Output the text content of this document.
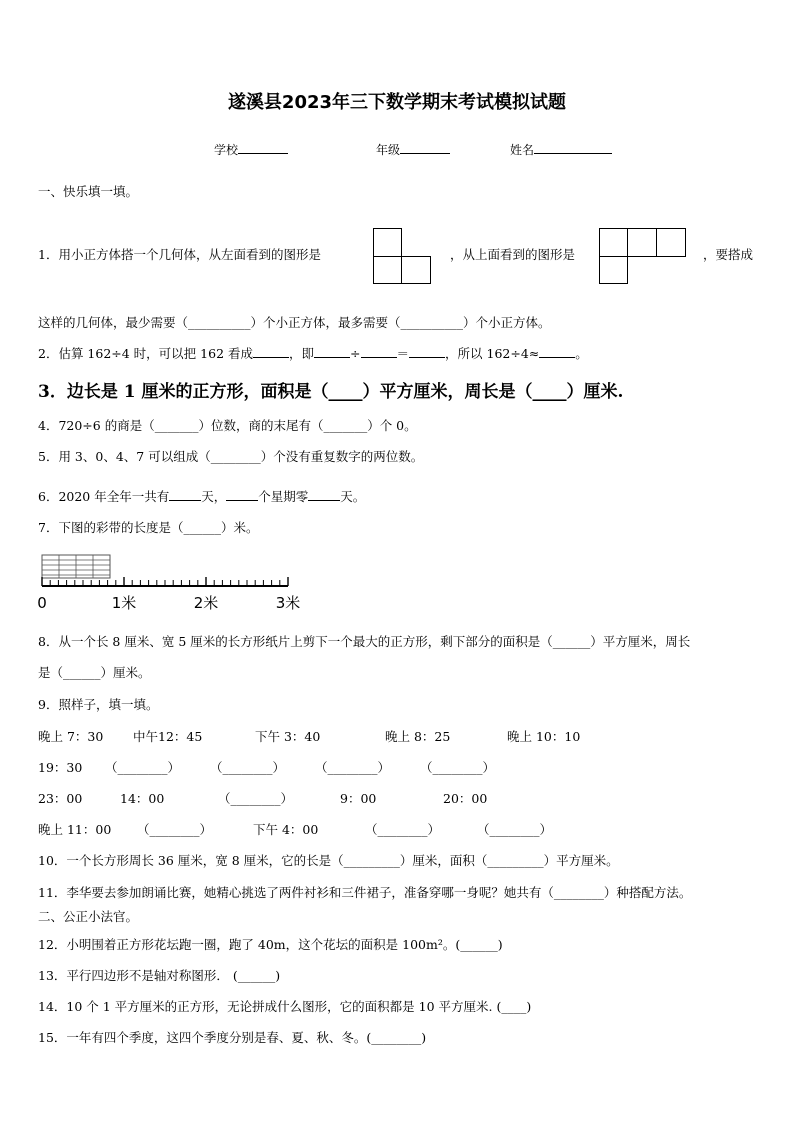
遂溪县2023年三下数学期末考试模拟试题
学校	年级	姓名
一、快乐填一填。
1．用小正方体搭一个几何体，从左面看到的图形是	，从上面看到的图形是	，要搭成
这样的几何体，最少需要（__________）个小正方体，最多需要（__________）个小正方体。
2．估算 162÷4 时，可以把 162 看成	，即	÷	＝	，所以 162÷4≈	。
3．边长是 1 厘米的正方形，面积是（____）平方厘米，周长是（____）厘米.
4．720÷6 的商是（_______）位数，商的末尾有（_______）个 0。
5．用 3、0、4、7 可以组成（________）个没有重复数字的两位数。
6．2020 年全年一共有	天，	个星期零	天。
7．下图的彩带的长度是（______）米。
0	1米	2米	3米
8．从一个长 8 厘米、宽 5 厘米的长方形纸片上剪下一个最大的正方形，剩下部分的面积是（______）平方厘米，周长
是（______）厘米。
9．照样子，填一填。
晚上 7：30 中午12：45	下午 3：40	晚上 8：25	晚上 10：10
19：30 （________） （________） （________） （________）
23：00	14：00	（________）	9：00	20：00
晚上 11：00 （________）	下午 4：00	（________）	（________）
10．一个长方形周长 36 厘米，宽 8 厘米，它的长是（_________）厘米，面积（_________）平方厘米。
11．李华要去参加朗诵比赛，她精心挑选了两件衬衫和三件裙子，准备穿哪一身呢？她共有（________）种搭配方法。
二、公正小法官。
12．小明围着正方形花坛跑一圈，跑了 40m，这个花坛的面积是 100m²。(______)
13．平行四边形不是轴对称图形． (______)
14．10 个 1 平方厘米的正方形，无论拼成什么图形，它的面积都是 10 平方厘米. (____)
15．一年有四个季度，这四个季度分别是春、夏、秋、冬。(________)
